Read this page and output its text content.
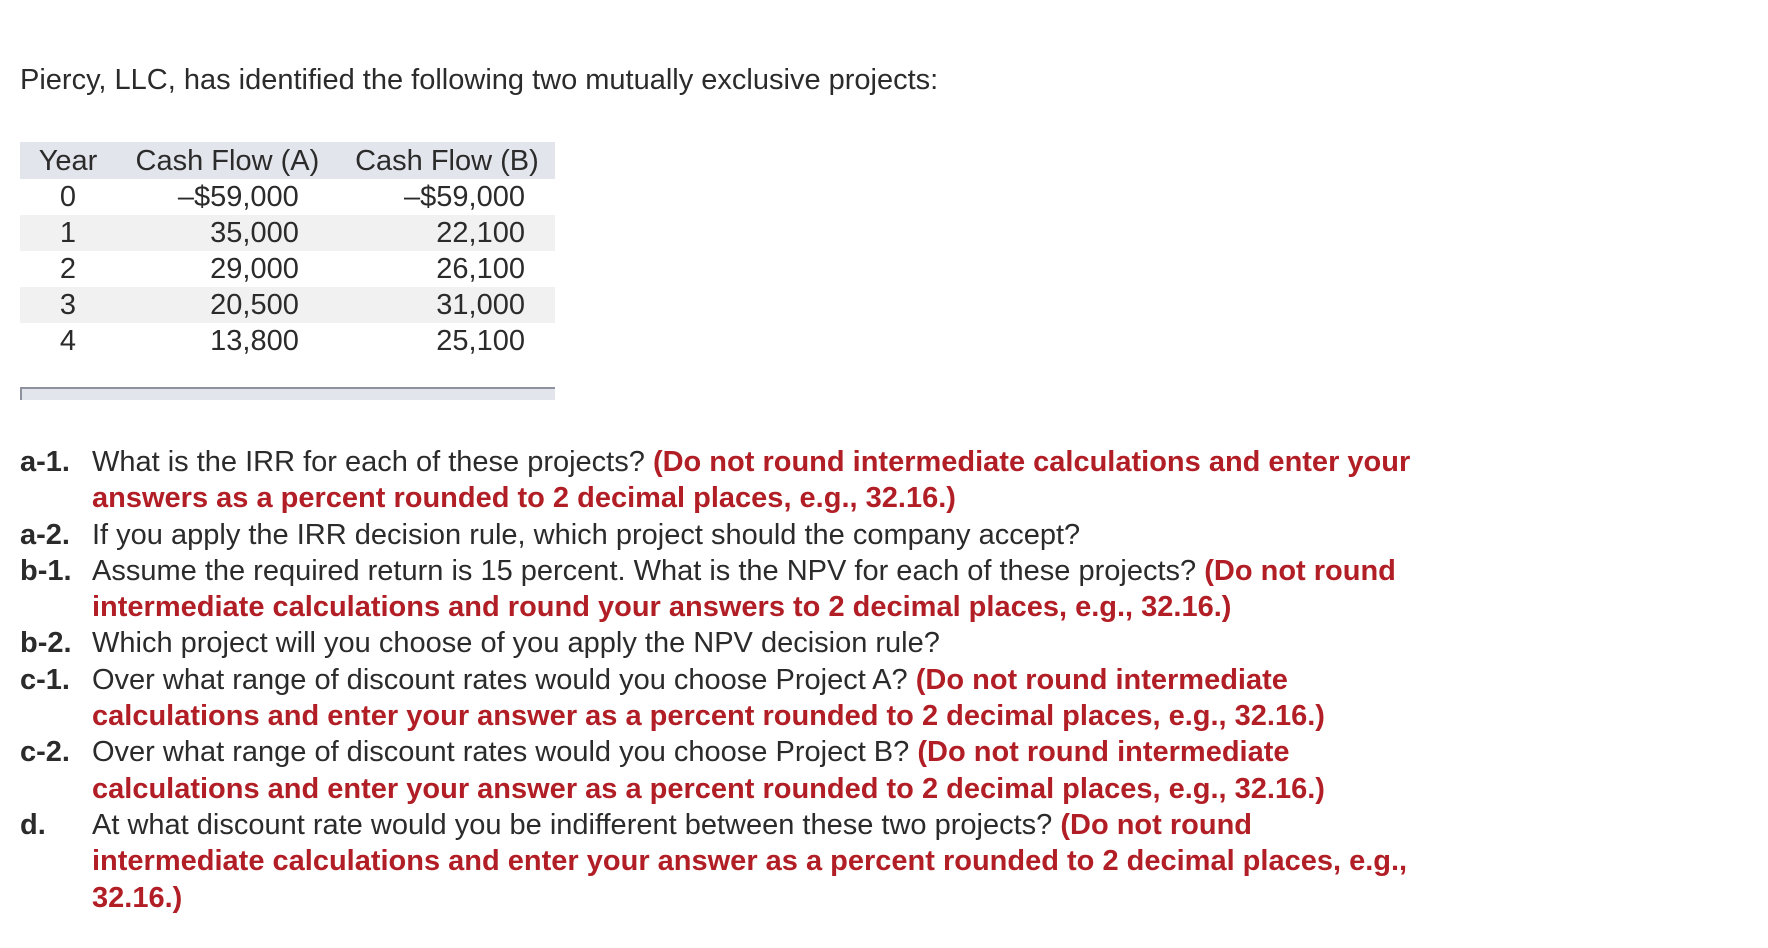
Piercy, LLC, has identified the following two mutually exclusive projects:
Year	Cash Flow (A)	Cash Flow (B)
0	–$59,000	–$59,000
1	35,000	22,100
2	29,000	26,100
3	20,500	31,000
4	13,800	25,100
a-1. What is the IRR for each of these projects? (Do not round intermediate calculations and enter your answers as a percent rounded to 2 decimal places, e.g., 32.16.)
a-2. If you apply the IRR decision rule, which project should the company accept?
b-1. Assume the required return is 15 percent. What is the NPV for each of these projects? (Do not round intermediate calculations and round your answers to 2 decimal places, e.g., 32.16.)
b-2. Which project will you choose of you apply the NPV decision rule?
c-1. Over what range of discount rates would you choose Project A? (Do not round intermediate calculations and enter your answer as a percent rounded to 2 decimal places, e.g., 32.16.)
c-2. Over what range of discount rates would you choose Project B? (Do not round intermediate calculations and enter your answer as a percent rounded to 2 decimal places, e.g., 32.16.)
d.	At what discount rate would you be indifferent between these two projects? (Do not round intermediate calculations and enter your answer as a percent rounded to 2 decimal places, e.g., 32.16.)
